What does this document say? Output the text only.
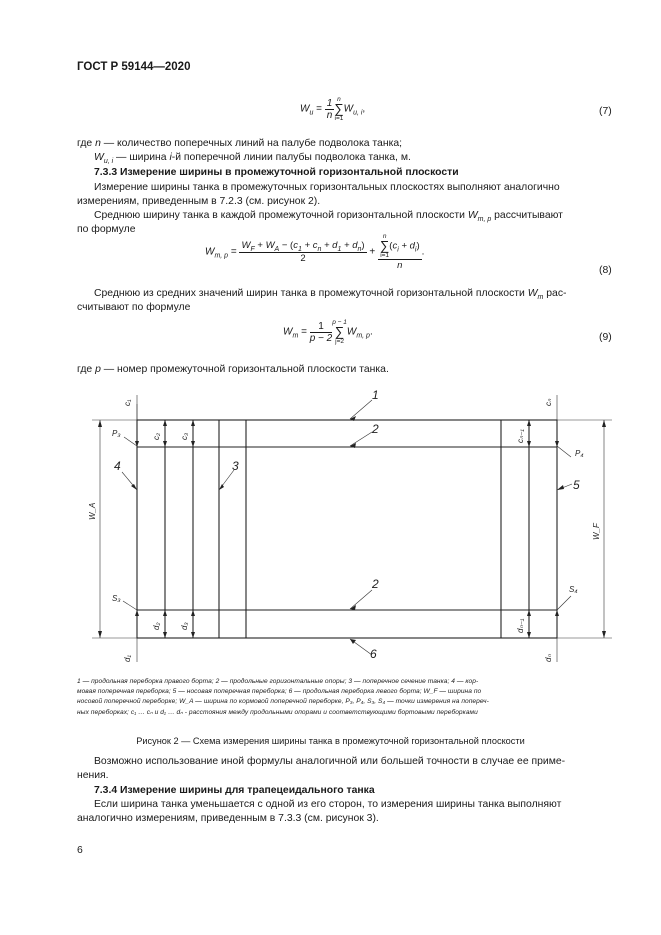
ГОСТ Р 59144—2020
$W_u = \frac{1}{n}$ n
∑
i=1
$W_{u, i}$,	(7)
где n — количество поперечных линий на палубе подволока танка;
$W_{u, i}$ — ширина i-й поперечной линии палубы подволока танка, м.
7.3.3 Измерение ширины в промежуточной горизонтальной плоскости
Измерение ширины танка в промежуточных горизонтальных плоскостях выполняют аналогично
измерениям, приведенным в 7.2.3 (см. рисунок 2).
Среднюю ширину танка в каждой промежуточной горизонтальной плоскости $W_{m, p}$ рассчитывают
по формуле
$W_{m, p} = \frac{W_F + W_A - (c_1 + c_n + d_1 + d_n)}{2} + n$
∑
i=1
$(c_i + d_i)$
n .
(8)
Среднюю из средних значений ширин танка в промежуточной горизонтальной плоскости $W_m$ рас-
считывают по формуле
$W_m = \frac{1}{p - 2}$ p − 1
∑
j=2
$W_{m, p}$.	(9)
где p — номер промежуточной горизонтальной плоскости танка.
c₁	cₙ
P₃
P₄
c₂ c₃	cₙ₋₁
S₃
S₄
d₂ d₃	dₙ₋₁
d₁	dₙ
W_A
W_F
1
2
2
3
4
5
6
1 — продольная переборка правого борта; 2 — продольные горизонтальные опоры; 3 — поперечное сечение танка; 4 — кор-
мовая поперечная переборка; 5 — носовая поперечная переборка; 6 — продольная переборка левого борта; W_F — ширина по
носовой поперечной переборке; W_A — ширина по кормовой поперечной переборке, P₃, P₄, S₃, S₄ — точки измерения на попереч-
ных переборках; c₁ … cₙ и d₁ … dₙ - расстояния между продольными опорами и соответствующими бортовыми переборками
Рисунок 2 — Схема измерения ширины танка в промежуточной горизонтальной плоскости
Возможно использование иной формулы аналогичной или большей точности в случае ее приме-
нения.
7.3.4 Измерение ширины для трапецеидального танка
Если ширина танка уменьшается с одной из его сторон, то измерения ширины танка выполняют
аналогично измерениям, приведенным в 7.3.3 (см. рисунок 3).
6
